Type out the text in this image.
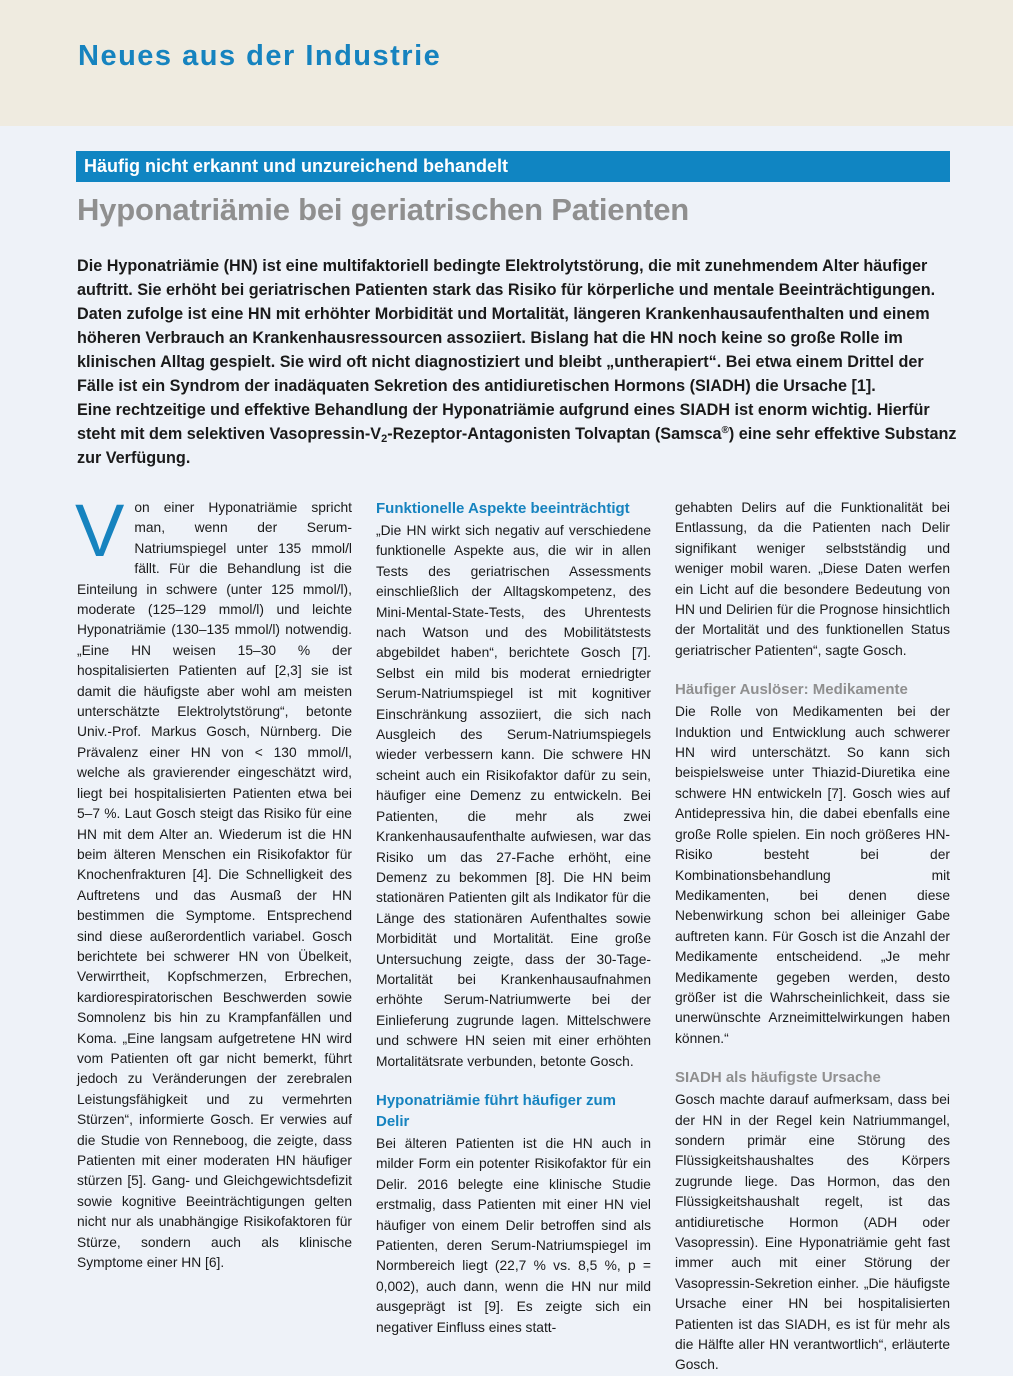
Neues aus der Industrie
Häufig nicht erkannt und unzureichend behandelt
Hyponatriämie bei geriatrischen Patienten

Die Hyponatriämie (HN) ist eine multifaktoriell bedingte Elektrolytstörung, die mit zunehmendem Alter häufiger auftritt. Sie erhöht bei geriatrischen Patienten stark das Risiko für körperliche und mentale Beeinträchtigungen. Daten zufolge ist eine HN mit erhöhter Morbidität und Mortalität, längeren Krankenhausaufenthalten und einem höheren Verbrauch an Krankenhausressourcen assoziiert. Bislang hat die HN noch keine so große Rolle im klinischen Alltag gespielt. Sie wird oft nicht diagnostiziert und bleibt „untherapiert“. Bei etwa einem Drittel der Fälle ist ein Syndrom der inadäquaten Sekretion des antidiuretischen Hormons (SIADH) die Ursache [1].

Eine rechtzeitige und effektive Behandlung der Hyponatriämie aufgrund eines SIADH ist enorm wichtig. Hierfür steht mit dem selektiven Vasopressin-$V_2-Rezeptor$-Antagonisten Tolvaptan (Samsca®) eine sehr effektive Substanz zur Verfügung.

V on einer Hyponatriämie spricht man, wenn der Serum-Natriumspiegel unter 135 mmol/l fällt. Für die Behandlung ist die Einteilung in schwere (unter 125 mmol/l), moderate (125–129 mmol/l) und leichte Hyponatriämie (130–135 mmol/l) notwendig. „Eine HN weisen 15–30 % der hospitalisierten Patienten auf [2,3] sie ist damit die häufigste aber wohl am meisten unterschätzte Elektrolytstörung“, betonte Univ.-Prof. Markus Gosch, Nürnberg. Die Prävalenz einer HN von < 130 mmol/l, welche als gravierender eingeschätzt wird, liegt bei hospitalisierten Patienten etwa bei 5–7 %. Laut Gosch steigt das Risiko für eine HN mit dem Alter an. Wiederum ist die HN beim älteren Menschen ein Risikofaktor für Knochenfrakturen [4]. Die Schnelligkeit des Auftretens und das Ausmaß der HN bestimmen die Symptome. Entsprechend sind diese außerordentlich variabel. Gosch berichtete bei schwerer HN von Übelkeit, Verwirrtheit, Kopfschmerzen, Erbrechen, kardiorespiratorischen Beschwerden sowie Somnolenz bis hin zu Krampfanfällen und Koma. „Eine langsam aufgetretene HN wird vom Patienten oft gar nicht bemerkt, führt jedoch zu Veränderungen der zerebralen Leistungsfähigkeit und zu vermehrten Stürzen“, informierte Gosch. Er verwies auf die Studie von Renneboog, die zeigte, dass Patienten mit einer moderaten HN häufiger stürzen [5]. Gang- und Gleichgewichtsdefizit sowie kognitive Beeinträchtigungen gelten nicht nur als unabhängige Risikofaktoren für Stürze, sondern auch als klinische Symptome einer HN [6].

Funktionelle Aspekte beeinträchtigt

„Die HN wirkt sich negativ auf verschiedene funktionelle Aspekte aus, die wir in allen Tests des geriatrischen Assessments einschließlich der Alltagskompetenz, des Mini-Mental-State-Tests, des Uhrentests nach Watson und des Mobilitätstests abgebildet haben“, berichtete Gosch [7]. Selbst ein mild bis moderat erniedrigter Serum-Natriumspiegel ist mit kognitiver Einschränkung assoziiert, die sich nach Ausgleich des Serum-Natriumspiegels wieder verbessern kann. Die schwere HN scheint auch ein Risikofaktor dafür zu sein, häufiger eine Demenz zu entwickeln. Bei Patienten, die mehr als zwei Krankenhausaufenthalte aufwiesen, war das Risiko um das 27-Fache erhöht, eine Demenz zu bekommen [8]. Die HN beim stationären Patienten gilt als Indikator für die Länge des stationären Aufenthaltes sowie Morbidität und Mortalität. Eine große Untersuchung zeigte, dass der 30-Tage-Mortalität bei Krankenhausaufnahmen erhöhte Serum-Natriumwerte bei der Einlieferung zugrunde lagen. Mittelschwere und schwere HN seien mit einer erhöhten Mortalitätsrate verbunden, betonte Gosch.

Hyponatriämie führt häufiger zum Delir

Bei älteren Patienten ist die HN auch in milder Form ein potenter Risikofaktor für ein Delir. 2016 belegte eine klinische Studie erstmalig, dass Patienten mit einer HN viel häufiger von einem Delir betroffen sind als Patienten, deren Serum-Natriumspiegel im Normbereich liegt (22,7 % vs. 8,5 %, p = 0,002), auch dann, wenn die HN nur mild ausgeprägt ist [9]. Es zeigte sich ein negativer Einfluss eines statt-

gehabten Delirs auf die Funktionalität bei Entlassung, da die Patienten nach Delir signifikant weniger selbstständig und weniger mobil waren. „Diese Daten werfen ein Licht auf die besondere Bedeutung von HN und Delirien für die Prognose hinsichtlich der Mortalität und des funktionellen Status geriatrischer Patienten“, sagte Gosch.

Häufiger Auslöser: Medikamente

Die Rolle von Medikamenten bei der Induktion und Entwicklung auch schwerer HN wird unterschätzt. So kann sich beispielsweise unter Thiazid-Diuretika eine schwere HN entwickeln [7]. Gosch wies auf Antidepressiva hin, die dabei ebenfalls eine große Rolle spielen. Ein noch größeres HN-Risiko besteht bei der Kombinationsbehandlung mit Medikamenten, bei denen diese Nebenwirkung schon bei alleiniger Gabe auftreten kann. Für Gosch ist die Anzahl der Medikamente entscheidend. „Je mehr Medikamente gegeben werden, desto größer ist die Wahrscheinlichkeit, dass sie unerwünschte Arzneimittelwirkungen haben können.“

SIADH als häufigste Ursache

Gosch machte darauf aufmerksam, dass bei der HN in der Regel kein Natriummangel, sondern primär eine Störung des Flüssigkeitshaushaltes des Körpers zugrunde liege. Das Hormon, das den Flüssigkeitshaushalt regelt, ist das antidiuretische Hormon (ADH oder Vasopressin). Eine Hyponatriämie geht fast immer auch mit einer Störung der Vasopressin-Sekretion einher. „Die häufigste Ursache einer HN bei hospitalisierten Patienten ist das SIADH, es ist für mehr als die Hälfte aller HN verantwortlich“, erläuterte Gosch.
